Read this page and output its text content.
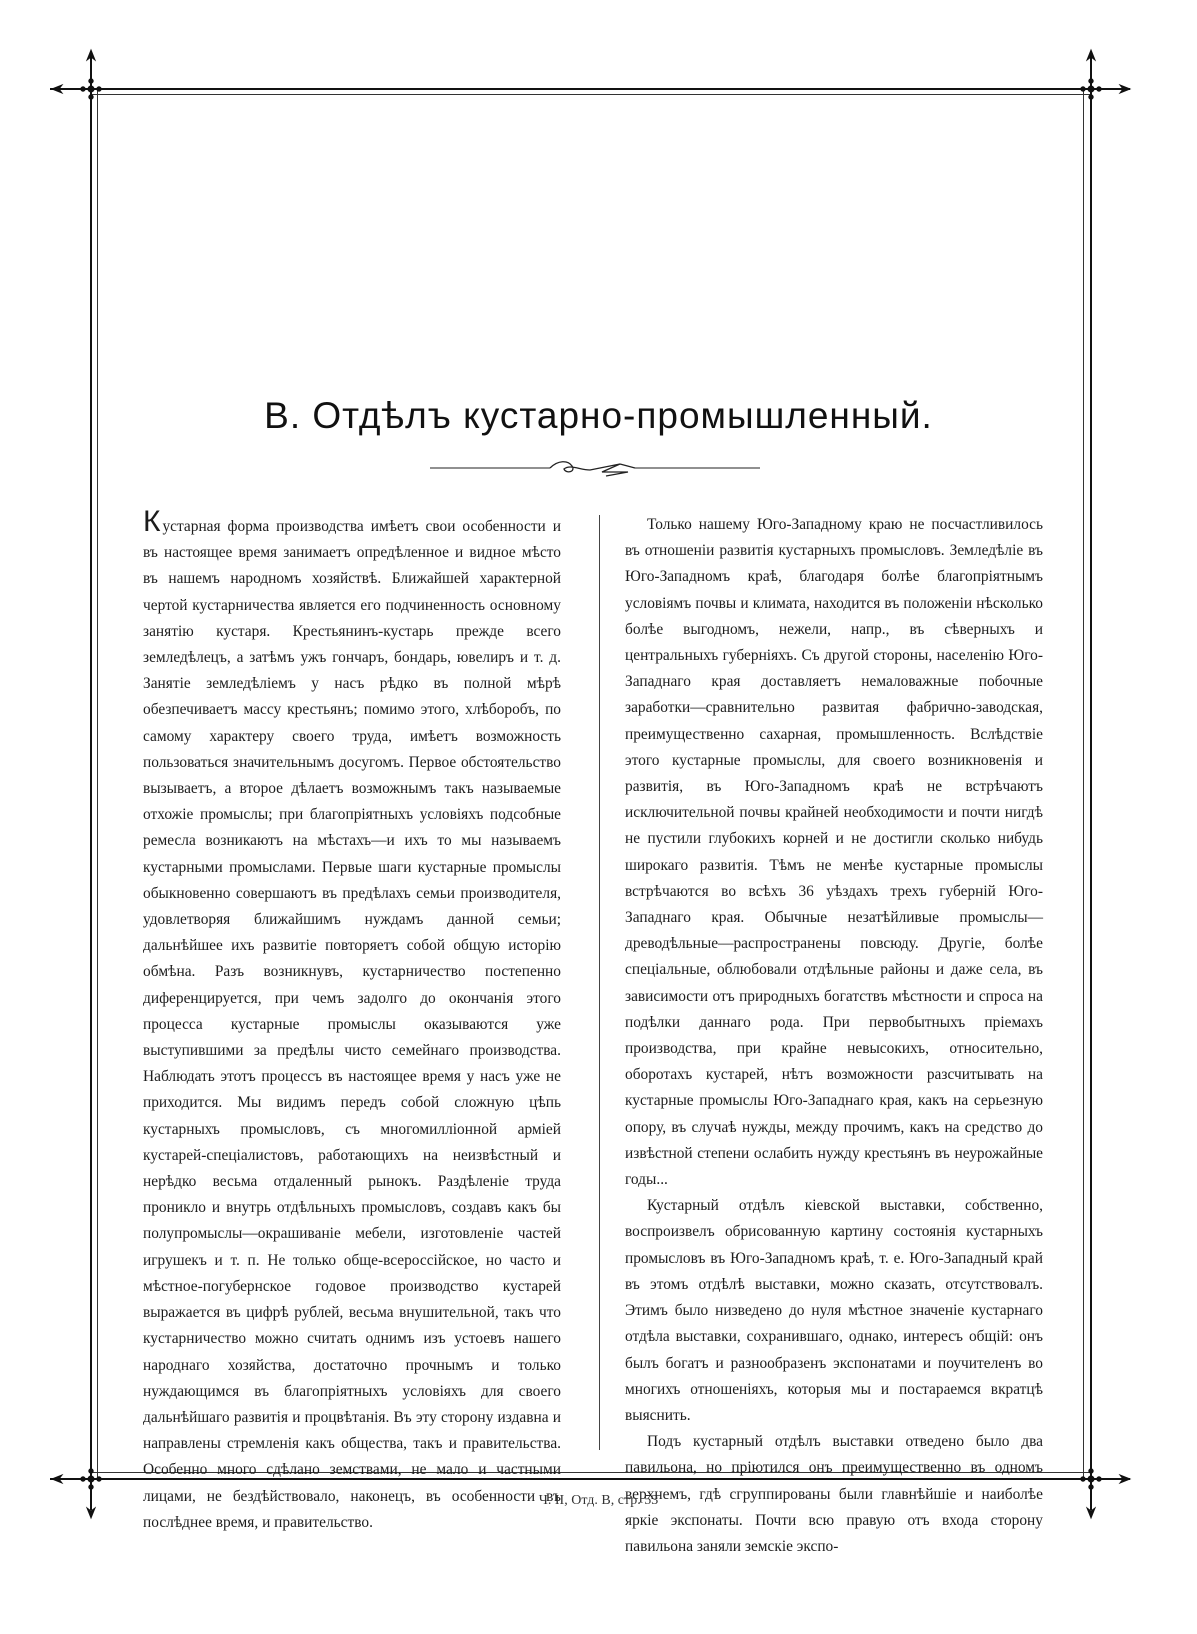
В. Отдѣлъ кустарно-промышленный.

Кустарная форма производства имѣетъ свои особенности и въ настоящее время занимаетъ опредѣленное и видное мѣсто въ нашемъ народномъ хозяйствѣ. Ближайшей характерной чертой кустарничества является его подчиненность основному занятію кустаря. Крестьянинъ-кустарь прежде всего земледѣлецъ, а затѣмъ ужъ гончаръ, бондарь, ювелиръ и т. д. Занятіе земледѣліемъ у насъ рѣдко въ полной мѣрѣ обезпечиваетъ массу крестьянъ; помимо этого, хлѣборобъ, по самому характеру своего труда, имѣетъ возможность пользоваться значительнымъ досугомъ. Первое обстоятельство вызываетъ, а второе дѣлаетъ возможнымъ такъ называемые отхожіе промыслы; при благопріятныхъ условіяхъ подсобные ремесла возникаютъ на мѣстахъ—и ихъ то мы называемъ кустарными промыслами. Первые шаги кустарные промыслы обыкновенно совершаютъ въ предѣлахъ семьи производителя, удовлетворяя ближайшимъ нуждамъ данной семьи; дальнѣйшее ихъ развитіе повторяетъ собой общую исторію обмѣна. Разъ возникнувъ, кустарничество постепенно диференцируется, при чемъ задолго до окончанія этого процесса кустарные промыслы оказываются уже выступившими за предѣлы чисто семейнаго производства. Наблюдать этотъ процессъ въ настоящее время у насъ уже не приходится. Мы видимъ передъ собой сложную цѣпь кустарныхъ промысловъ, съ многомилліонной арміей кустарей-спеціалистовъ, работающихъ на неизвѣстный и нерѣдко весьма отдаленный рынокъ. Раздѣленіе труда проникло и внутрь отдѣльныхъ промысловъ, создавъ какъ бы полупромыслы—окрашиваніе мебели, изготовленіе частей игрушекъ и т. п. Не только обще-всероссійское, но часто и мѣстное-погубернское годовое производство кустарей выражается въ цифрѣ рублей, весьма внушительной, такъ что кустарничество можно считать однимъ изъ устоевъ нашего народнаго хозяйства, достаточно прочнымъ и только нуждающимся въ благопріятныхъ условіяхъ для своего дальнѣйшаго развитія и процвѣтанія. Въ эту сторону издавна и направлены стремленія какъ общества, такъ и правительства. Особенно много сдѣлано земствами, не мало и частными лицами, не бездѣйствовало, наконецъ, въ особенности въ послѣднее время, и правительство.

Только нашему Юго-Западному краю не посчастливилось въ отношеніи развитія кустарныхъ промысловъ. Земледѣліе въ Юго-Западномъ краѣ, благодаря болѣе благопріятнымъ условіямъ почвы и климата, находится въ положеніи нѣсколько болѣе выгодномъ, нежели, напр., въ сѣверныхъ и центральныхъ губерніяхъ. Съ другой стороны, населенію Юго-Западнаго края доставляетъ немаловажные побочные заработки—сравнительно развитая фабрично-заводская, преимущественно сахарная, промышленность. Вслѣдствіе этого кустарные промыслы, для своего возникновенія и развитія, въ Юго-Западномъ краѣ не встрѣчаютъ исключительной почвы крайней необходимости и почти нигдѣ не пустили глубокихъ корней и не достигли сколько нибудь широкаго развитія. Тѣмъ не менѣе кустарные промыслы встрѣчаются во всѣхъ 36 уѣздахъ трехъ губерній Юго-Западнаго края. Обычные незатѣйливые промыслы—древодѣльные—распространены повсюду. Другіе, болѣе спеціальные, облюбовали отдѣльные районы и даже села, въ зависимости отъ природныхъ богатствъ мѣстности и спроса на подѣлки даннаго рода. При первобытныхъ пріемахъ производства, при крайне невысокихъ, относительно, оборотахъ кустарей, нѣтъ возможности разсчитывать на кустарные промыслы Юго-Западнаго края, какъ на серьезную опору, въ случаѣ нужды, между прочимъ, какъ на средство до извѣстной степени ослабить нужду крестьянъ въ неурожайные годы...

Кустарный отдѣлъ кіевской выставки, собственно, воспроизвелъ обрисованную картину состоянія кустарныхъ промысловъ въ Юго-Западномъ краѣ, т. е. Юго-Западный край въ этомъ отдѣлѣ выставки, можно сказать, отсутствовалъ. Этимъ было низведено до нуля мѣстное значеніе кустарнаго отдѣла выставки, сохранившаго, однако, интересъ общій: онъ былъ богатъ и разнообразенъ экспонатами и поучителенъ во многихъ отношеніяхъ, которыя мы и постараемся вкратцѣ выяснить.

Подъ кустарный отдѣлъ выставки отведено было два павильона, но пріютился онъ преимущественно въ одномъ верхнемъ, гдѣ сгруппированы были главнѣйшіе и наиболѣе яркіе экспонаты. Почти всю правую отъ входа сторону павильона заняли земскіе экспо-

Ч. II, Отд. В, стр. 53
